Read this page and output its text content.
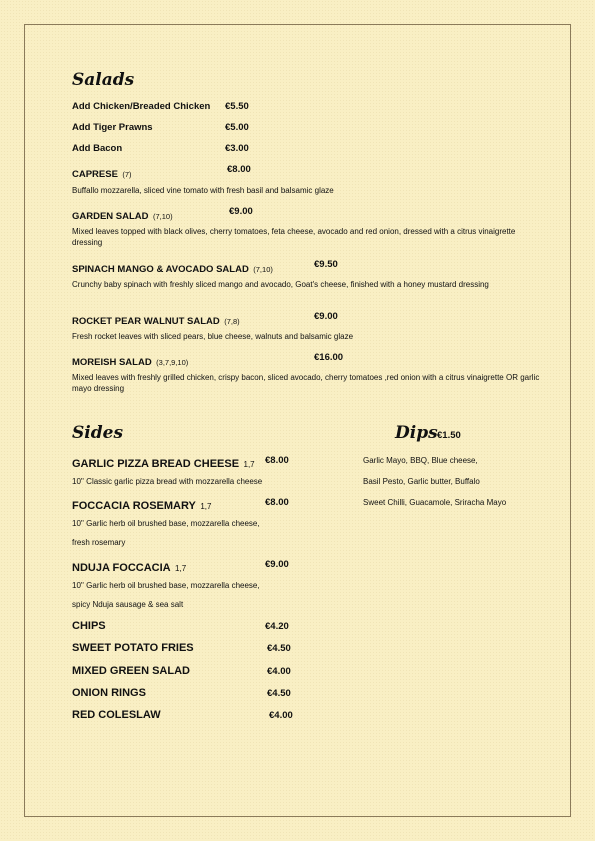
Salads
Add Chicken/Breaded Chicken €5.50
Add Tiger Prawns	€5.00
Add Bacon	€3.00
CAPRESE (7)	€8.00
Buffallo mozzarella, sliced vine tomato with fresh basil and balsamic glaze
GARDEN SALAD (7,10)	€9.00
Mixed leaves topped with black olives, cherry tomatoes, feta cheese, avocado and red onion, dressed with a citrus vinaigrette dressing
SPINACH MANGO & AVOCADO SALAD (7,10)	€9.50
Crunchy baby spinach with freshly sliced mango and avocado, Goat's cheese, finished with a honey mustard dressing
ROCKET PEAR WALNUT SALAD (7,8)	€9.00
Fresh rocket leaves with sliced pears, blue cheese, walnuts and balsamic glaze
MOREISH SALAD (3,7,9,10)	€16.00
Mixed leaves with freshly grilled chicken, crispy bacon, sliced avocado, cherry tomatoes ,red onion with a citrus vinaigrette OR garlic mayo dressing
Sides
GARLIC PIZZA BREAD CHEESE 1,7 €8.00
10'' Classic garlic pizza bread with mozzarella cheese
FOCCACIA ROSEMARY 1,7	€8.00
10'' Garlic herb oil brushed base, mozzarella cheese,
fresh rosemary
NDUJA FOCCACIA 1,7	€9.00
10'' Garlic herb oil brushed base, mozzarella cheese,
spicy Nduja sausage & sea salt
CHIPS	€4.20
SWEET POTATO FRIES	€4.50
MIXED GREEN SALAD	€4.00
ONION RINGS	€4.50
RED COLESLAW	€4.00
Dips €1.50
Garlic Mayo, BBQ, Blue cheese,
Basil Pesto, Garlic butter, Buffalo
Sweet Chilli, Guacamole, Sriracha Mayo
